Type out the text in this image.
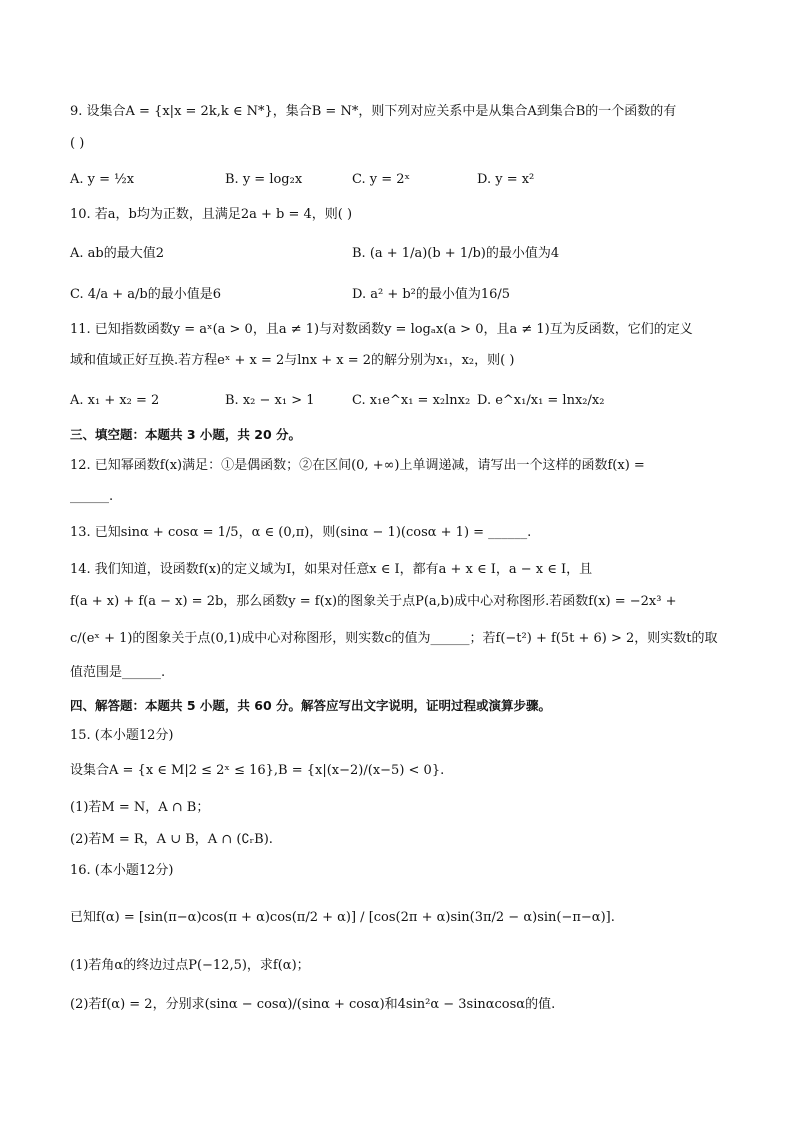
9. 设集合A = {x|x = 2k,k ∈ N*}，集合B = N*，则下列对应关系中是从集合A到集合B的一个函数的有
( )
A. y = ½x	B. y = log₂x	C. y = 2ˣ	D. y = x²
10. 若a，b均为正数，且满足2a + b = 4，则( )
A. ab的最大值2	B. (a + 1/a)(b + 1/b)的最小值为4
C. 4/a + a/b的最小值是6	D. a² + b²的最小值为16/5
11. 已知指数函数y = aˣ(a > 0，且a ≠ 1)与对数函数y = logₐx(a > 0，且a ≠ 1)互为反函数，它们的定义
域和值域正好互换.若方程eˣ + x = 2与lnx + x = 2的解分别为x₁，x₂，则( )
A. x₁ + x₂ = 2	B. x₂ − x₁ > 1	C. x₁e^x₁ = x₂lnx₂ D. e^x₁/x₁ = lnx₂/x₂
三、填空题：本题共 3 小题，共 20 分。
12. 已知幂函数f(x)满足：①是偶函数；②在区间(0, +∞)上单调递减，请写出一个这样的函数f(x) =
______.
13. 已知sinα + cosα = 1/5，α ∈ (0,π)，则(sinα − 1)(cosα + 1) = ______.
14. 我们知道，设函数f(x)的定义域为I，如果对任意x ∈ I，都有a + x ∈ I，a − x ∈ I，且
f(a + x) + f(a − x) = 2b，那么函数y = f(x)的图象关于点P(a,b)成中心对称图形.若函数f(x) = −2x³ +
c/(eˣ + 1)的图象关于点(0,1)成中心对称图形，则实数c的值为______；若f(−t²) + f(5t + 6) > 2，则实数t的取
值范围是______.
四、解答题：本题共 5 小题，共 60 分。解答应写出文字说明，证明过程或演算步骤。
15. (本小题12分)
设集合A = {x ∈ M|2 ≤ 2ˣ ≤ 16},B = {x|(x−2)/(x−5) < 0}.
(1)若M = N，A ∩ B；
(2)若M = R，A ∪ B，A ∩ (∁ᵣB).
16. (本小题12分)
已知f(α) = [sin(π−α)cos(π + α)cos(π/2 + α)] / [cos(2π + α)sin(3π/2 − α)sin(−π−α)].
(1)若角α的终边过点P(−12,5)，求f(α)；
(2)若f(α) = 2，分别求(sinα − cosα)/(sinα + cosα)和4sin²α − 3sinαcosα的值.
